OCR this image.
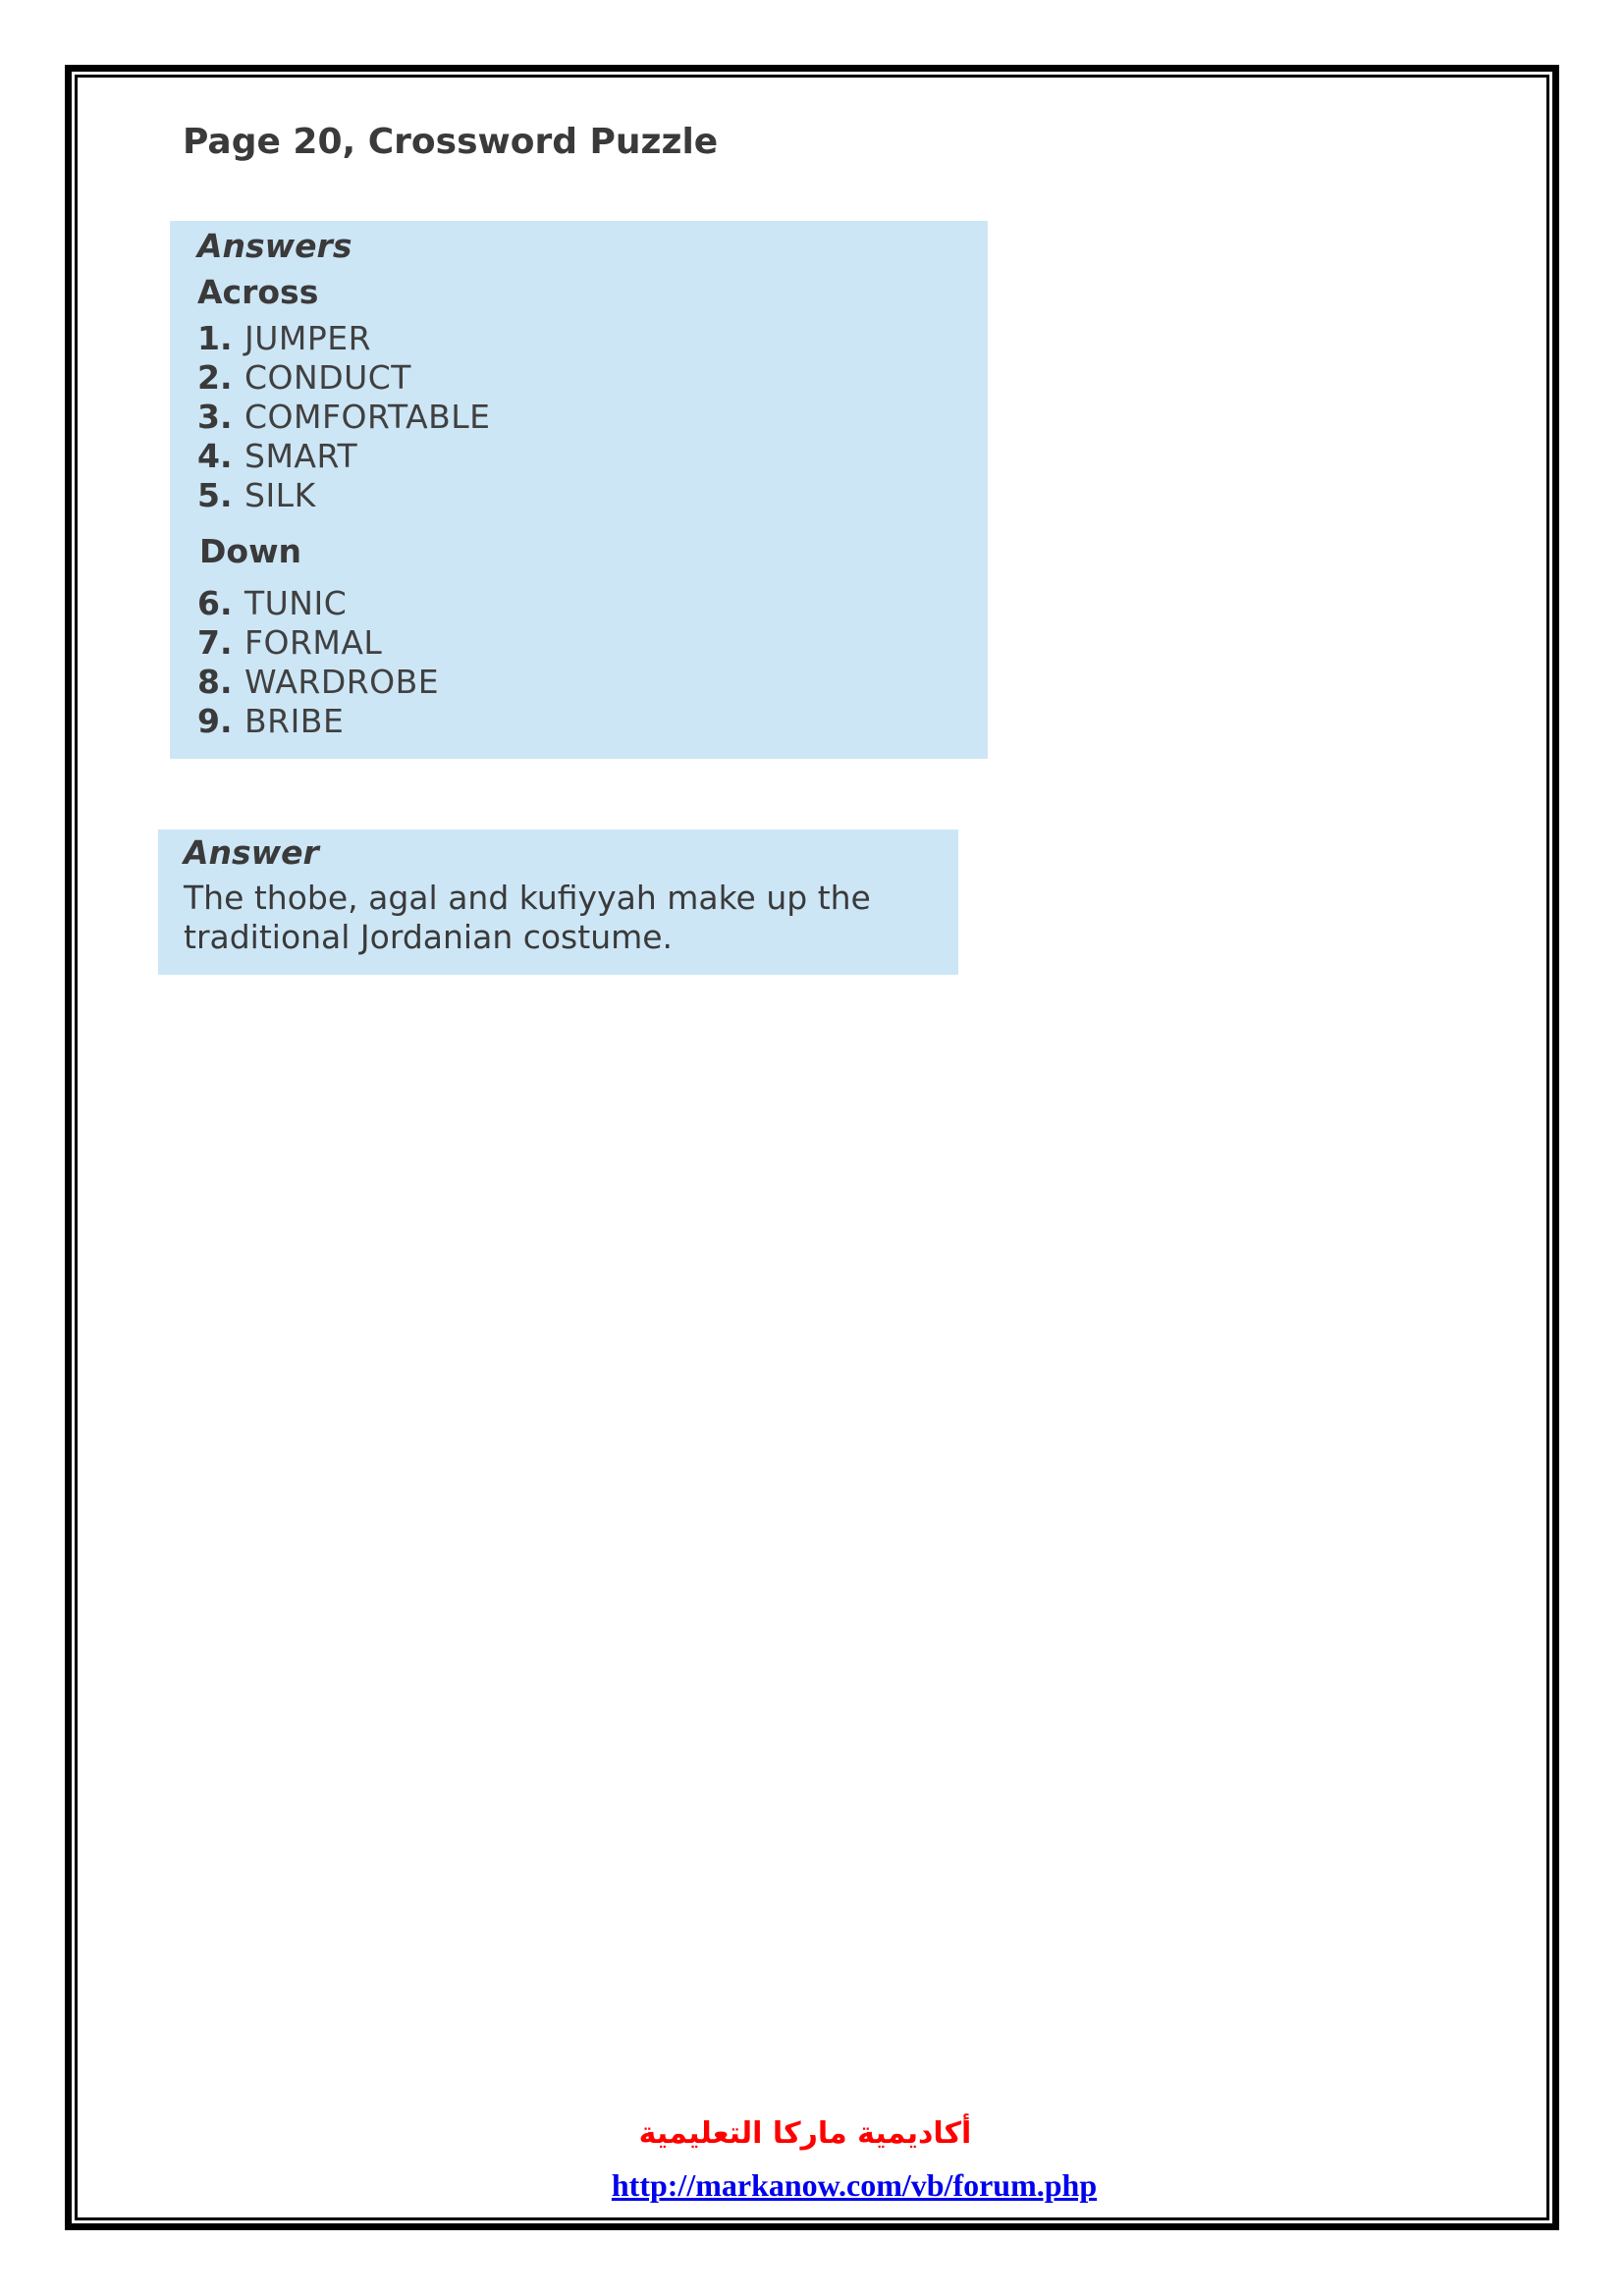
Page 20, Crossword Puzzle
Answers
Across
1. JUMPER
2. CONDUCT
3. COMFORTABLE
4. SMART
5. SILK
Down
6. TUNIC
7. FORMAL
8. WARDROBE
9. BRIBE
Answer

The thobe, agal and kufiyyah make up the traditional Jordanian costume.

أكاديمية ماركا التعليمية
http://markanow.com/vb/forum.php
